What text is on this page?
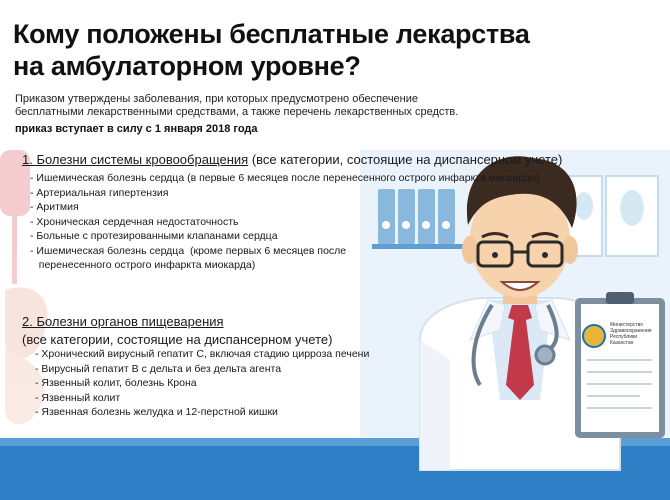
Кому положены бесплатные лекарства
на амбулаторном уровне?
Приказом утверждены заболевания, при которых предусмотрено обеспечение
бесплатными лекарственными средствами, а также перечень лекарственных средств.
приказ вступает в силу с 1 января 2018 года
1. Болезни системы кровообращения (все категории, состоящие на диспансерном учете)
- Ишемическая болезнь сердца (в первые 6 месяцев после перенесенного острого инфаркта миокарда)
- Артериальная гипертензия
- Аритмия
- Хроническая сердечная недостаточность
- Больные с протезированными клапанами сердца
- Ишемическая болезнь сердца  (кроме первых 6 месяцев после
перенесенного острого инфаркта миокарда)
2. Болезни органов пищеварения
(все категории, состоящие на диспансерном учете)
- Хронический вирусный гепатит С, включая стадию цирроза печени
- Вирусный гепатит В с дельта и без дельта агента
- Язвенный колит, болезнь Крона
- Язвенный колит
- Язвенная болезнь желудка и 12-перстной кишки
Министерство
Здравоохранения
Республики
Казахстан
